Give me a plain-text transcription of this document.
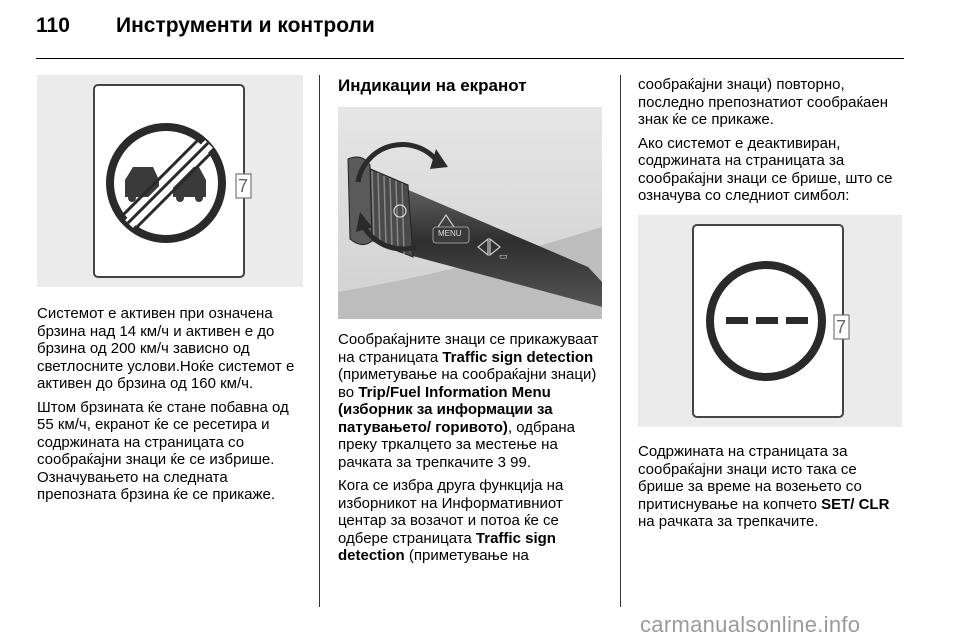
110 Инструменти и контроли
7

Системот е активен при означена брзина над 14 км/ч и активен е до брзина од 200 км/ч зависно од светлосните услови.Ноќе системот е активен до брзина од 160 км/ч.

Штом брзината ќе стане побавна од 55 км/ч, екранот ќе се ресетира и содржината на страницата со сообраќајни знаци ќе се избрише. Означувањето на следната препозната брзина ќе се прикаже.

Индикации на екранот
▭
MENU

Сообраќајните знаци се прикажуваат на страницата Traffic sign detection (приметување на сообраќајни знаци) во Trip/Fuel Information Menu (изборник за информации за патувањето/ горивото), одбрана преку тркалцето за местење на рачката за трепкачите 3 99.

Кога се избра друга функција на изборникот на Информативниот центар за возачот и потоа ќе се одбере страницата Traffic sign detection (приметување на

сообраќајни знаци) повторно, последно препознатиот сообраќаен знак ќе се прикаже.

Ако системот е деактивиран, содржината на страницата за сообраќајни знаци се брише, што се означува со следниот симбол:

7

Содржината на страницата за сообраќајни знаци исто така се брише за време на возењето со притиснување на копчето SET/ CLR на рачката за трепкачите.

carmanualsonline.info
